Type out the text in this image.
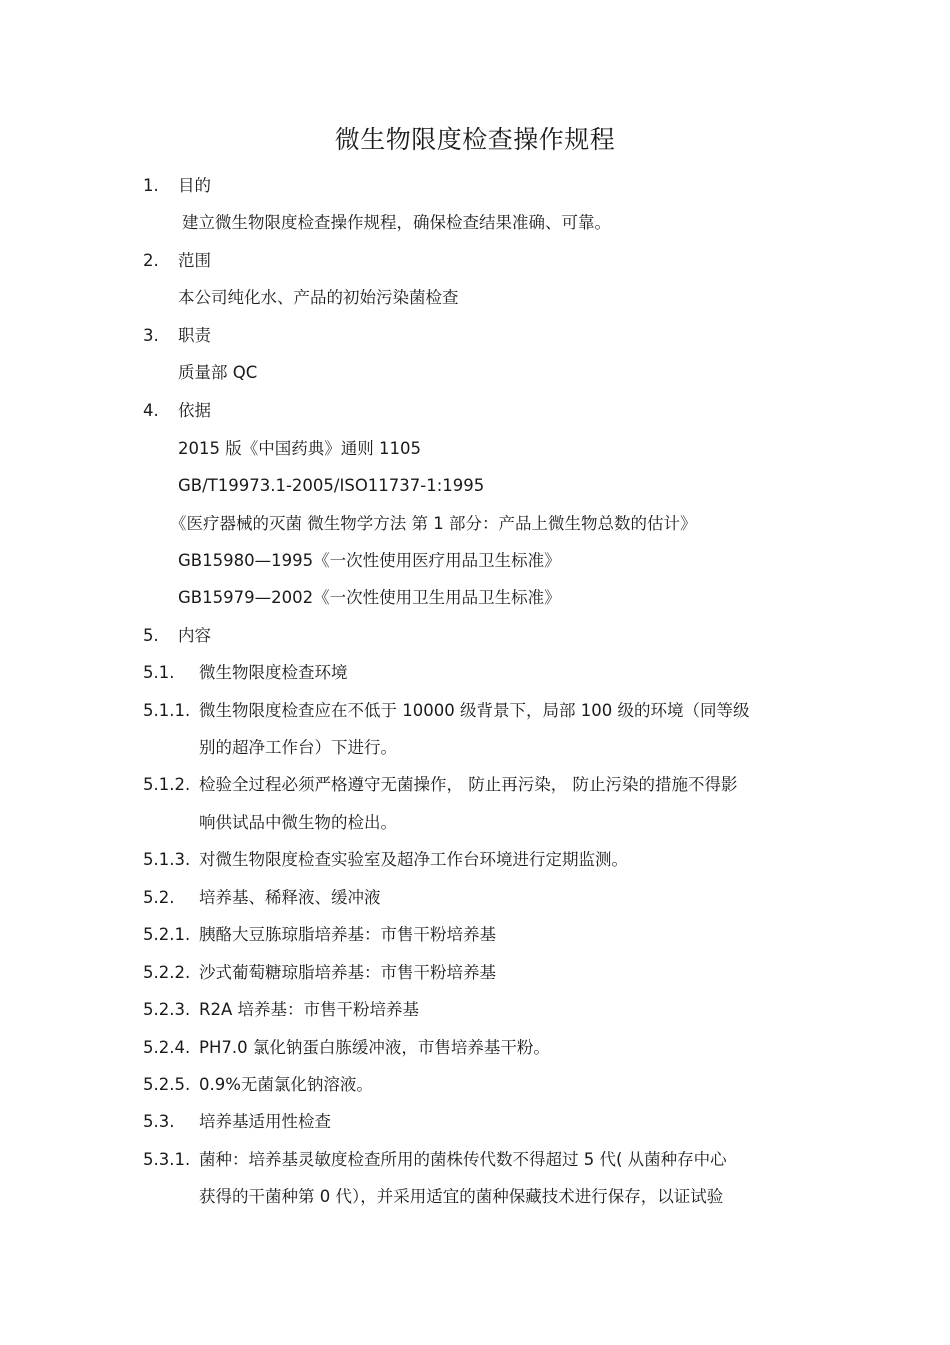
微生物限度检查操作规程
1. 目的
建立微生物限度检查操作规程，确保检查结果准确、可靠。
2. 范围
本公司纯化水、产品的初始污染菌检查
3. 职责
质量部 QC
4. 依据
2015 版《中国药典》通则 1105
GB/T19973.1-2005/ISO11737-1:1995
《医疗器械的灭菌 微生物学方法 第 1 部分：产品上微生物总数的估计》
GB15980—1995《一次性使用医疗用品卫生标准》
GB15979—2002《一次性使用卫生用品卫生标准》
5. 内容
5.1. 微生物限度检查环境
5.1.1. 微生物限度检查应在不低于 10000 级背景下，局部 100 级的环境（同等级
别的超净工作台）下进行。
5.1.2. 检验全过程必须严格遵守无菌操作， 防止再污染， 防止污染的措施不得影
响供试品中微生物的检出。
5.1.3. 对微生物限度检查实验室及超净工作台环境进行定期监测。
5.2. 培养基、稀释液、缓冲液
5.2.1. 胰酪大豆胨琼脂培养基：市售干粉培养基
5.2.2. 沙式葡萄糖琼脂培养基：市售干粉培养基
5.2.3. R2A 培养基：市售干粉培养基
5.2.4. PH7.0 氯化钠蛋白胨缓冲液，市售培养基干粉。
5.2.5. 0.9%无菌氯化钠溶液。
5.3. 培养基适用性检查
5.3.1. 菌种：培养基灵敏度检查所用的菌株传代数不得超过 5 代( 从菌种存中心
获得的干菌种第 0 代），并采用适宜的菌种保藏技术进行保存，以证试验
